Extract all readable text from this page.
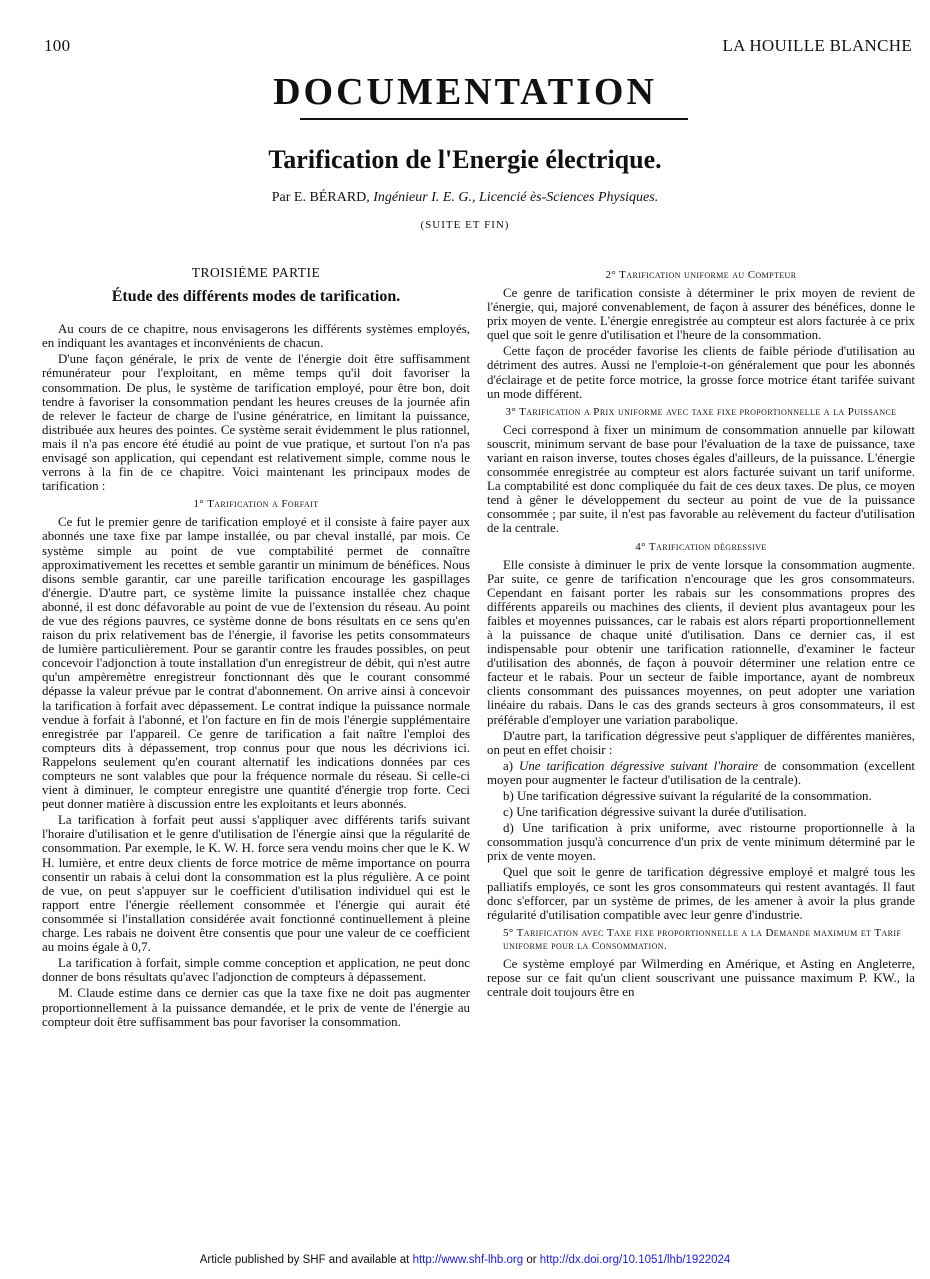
100	LA HOUILLE BLANCHE
DOCUMENTATION
Tarification de l'Energie électrique.
Par E. BÉRARD, Ingénieur I. E. G., Licencié ès-Sciences Physiques.
(SUITE ET FIN)
TROISIÈME PARTIE
Étude des différents modes de tarification.

Au cours de ce chapitre, nous envisagerons les différents systèmes employés, en indiquant les avantages et inconvénients de chacun.

D'une façon générale, le prix de vente de l'énergie doit être suffisamment rémunérateur pour l'exploitant, en même temps qu'il doit favoriser la consommation. De plus, le système de tarification employé, pour être bon, doit tendre à favoriser la consommation pendant les heures creuses de la journée afin de relever le facteur de charge de l'usine génératrice, en limitant la puissance, distribuée aux heures des pointes. Ce système serait évidemment le plus rationnel, mais il n'a pas encore été étudié au point de vue pratique, et surtout l'on n'a pas envisagé son application, qui cependant est relativement simple, comme nous le verrons à la fin de ce chapitre. Voici maintenant les principaux modes de tarification :

1° Tarification a Forfait

Ce fut le premier genre de tarification employé et il consiste à faire payer aux abonnés une taxe fixe par lampe installée, ou par cheval installé, par mois. Ce système simple au point de vue comptabilité permet de connaître approximativement les recettes et semble garantir un minimum de bénéfices. Nous disons semble garantir, car une pareille tarification encourage les gaspillages d'énergie. D'autre part, ce système limite la puissance installée chez chaque abonné, il est donc défavorable au point de vue de l'extension du réseau. Au point de vue des régions pauvres, ce système donne de bons résultats en ce sens qu'en raison du prix relativement bas de l'énergie, il favorise les petits consommateurs de lumière particulièrement. Pour se garantir contre les fraudes possibles, on peut concevoir l'adjonction à toute installation d'un enregistreur de débit, qui n'est autre qu'un ampèremètre enregistreur fonctionnant dès que le courant consommé dépasse la valeur prévue par le contrat d'abonnement. On arrive ainsi à concevoir la tarification à forfait avec dépassement. Le contrat indique la puissance normale vendue à forfait à l'abonné, et l'on facture en fin de mois l'énergie supplémentaire enregistrée par l'appareil. Ce genre de tarification a fait naître l'emploi des compteurs dits à dépassement, trop connus pour que nous les décrivions ici. Rappelons seulement qu'en courant alternatif les indications données par ces compteurs ne sont valables que pour la fréquence normale du réseau. Si celle-ci vient à diminuer, le compteur enregistre une quantité d'énergie trop forte. Ceci peut donner matière à discussion entre les exploitants et leurs abonnés.

La tarification à forfait peut aussi s'appliquer avec différents tarifs suivant l'horaire d'utilisation et le genre d'utilisation de l'énergie ainsi que la régularité de consommation. Par exemple, le K. W. H. force sera vendu moins cher que le K. W H. lumière, et entre deux clients de force motrice de même importance on pourra consentir un rabais à celui dont la consommation est la plus régulière. A ce point de vue, on peut s'appuyer sur le coefficient d'utilisation individuel qui est le rapport entre l'énergie réellement consommée et l'énergie qui aurait été consommée si l'installation considérée avait fonctionné continuellement à pleine charge. Les rabais ne doivent être consentis que pour une valeur de ce coefficient au moins égale à 0,7.

La tarification à forfait, simple comme conception et application, ne peut donc donner de bons résultats qu'avec l'adjonction de compteurs à dépassement.

M. Claude estime dans ce dernier cas que la taxe fixe ne doit pas augmenter proportionnellement à la puissance demandée, et le prix de vente de l'énergie au compteur doit être suffisamment bas pour favoriser la consommation.

2° Tarification uniforme au Compteur

Ce genre de tarification consiste à déterminer le prix moyen de revient de l'énergie, qui, majoré convenablement, de façon à assurer des bénéfices, donne le prix moyen de vente. L'énergie enregistrée au compteur est alors facturée à ce prix quel que soit le genre d'utilisation et l'heure de la consommation.

Cette façon de procéder favorise les clients de faible période d'utilisation au détriment des autres. Aussi ne l'emploie-t-on généralement que pour les abonnés d'éclairage et de petite force motrice, la grosse force motrice étant tarifée suivant un mode différent.

3° Tarification a Prix uniforme avec taxe fixe proportionnelle a la Puissance

Ceci correspond à fixer un minimum de consommation annuelle par kilowatt souscrit, minimum servant de base pour l'évaluation de la taxe de puissance, taxe variant en raison inverse, toutes choses égales d'ailleurs, de la puissance. L'énergie consommée enregistrée au compteur est alors facturée suivant un tarif uniforme. La comptabilité est donc compliquée du fait de ces deux taxes. De plus, ce moyen tend à gêner le développement du secteur au point de vue de la puissance consommée ; par suite, il n'est pas favorable au relèvement du facteur d'utilisation de la centrale.

4° Tarification dégressive

Elle consiste à diminuer le prix de vente lorsque la consommation augmente. Par suite, ce genre de tarification n'encourage que les gros consommateurs. Cependant en faisant porter les rabais sur les consommations propres des différents appareils ou machines des clients, il devient plus avantageux pour les faibles et moyennes puissances, car le rabais est alors réparti proportionnellement à la puissance de chaque unité d'utilisation. Dans ce dernier cas, il est indispensable pour obtenir une tarification rationnelle, d'examiner le facteur d'utilisation des abonnés, de façon à pouvoir déterminer une relation entre ce facteur et le rabais. Pour un secteur de faible importance, ayant de nombreux clients consommant des puissances moyennes, on peut adopter une variation linéaire du rabais. Dans le cas des grands secteurs à gros consommateurs, il est préférable d'employer une variation parabolique.

D'autre part, la tarification dégressive peut s'appliquer de différentes manières, on peut en effet choisir :

a) Une tarification dégressive suivant l'horaire de consommation (excellent moyen pour augmenter le facteur d'utilisation de la centrale).

b) Une tarification dégressive suivant la régularité de la consommation.

c) Une tarification dégressive suivant la durée d'utilisation.

d) Une tarification à prix uniforme, avec ristourne proportionnelle à la consommation jusqu'à concurrence d'un prix de vente minimum déterminé par le prix de vente moyen.

Quel que soit le genre de tarification dégressive employé et malgré tous les palliatifs employés, ce sont les gros consommateurs qui restent avantagés. Il faut donc s'efforcer, par un système de primes, de les amener à avoir la plus grande régularité d'utilisation compatible avec leur genre d'industrie.

5° Tarification avec Taxe fixe proportionnelle a la Demande maximum et Tarif uniforme pour la Consommation.

Ce système employé par Wilmerding en Amérique, et Asting en Angleterre, repose sur ce fait qu'un client souscrivant une puissance maximum P. KW., la centrale doit toujours être en

Article published by SHF and available at http://www.shf-lhb.org or http://dx.doi.org/10.1051/lhb/1922024
